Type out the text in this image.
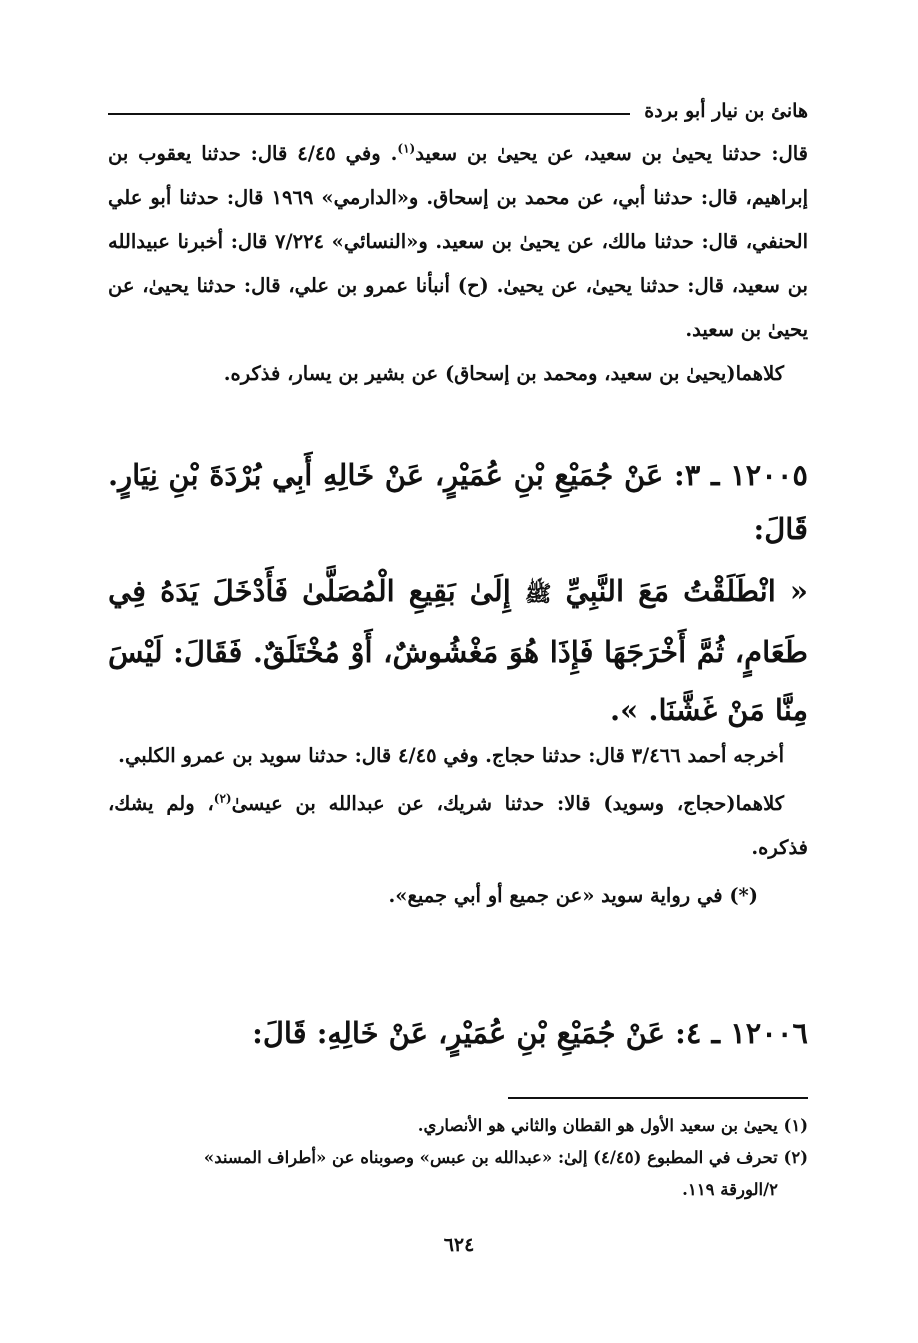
هانئ بن نيار أبو بردة

قال: حدثنا يحيىٰ بن سعيد، عن يحيىٰ بن سعيد$^{(١)}$. وفي ٤/٤٥ قال: حدثنا يعقوب بن إبراهيم، قال: حدثنا أبي، عن محمد بن إسحاق. و«الدارمي» ١٩٦٩ قال: حدثنا أبو علي الحنفي، قال: حدثنا مالك، عن يحيىٰ بن سعيد. و«النسائي» ٧/٢٢٤ قال: أخبرنا عبيدالله بن سعيد، قال: حدثنا يحيىٰ، عن يحيىٰ. (ح) أنبأنا عمرو بن علي، قال: حدثنا يحيىٰ، عن يحيىٰ بن سعيد.

كلاهما(يحيىٰ بن سعيد، ومحمد بن إسحاق) عن بشير بن يسار، فذكره.

١٢٠٠٥ ـ ٣: عَنْ جُمَيْعِ بْنِ عُمَيْرٍ، عَنْ خَالِهِ أَبِي بُرْدَةَ بْنِ نِيَارٍ. قَالَ:

« انْطَلَقْتُ مَعَ النَّبِيِّ ﷺ إِلَىٰ بَقِيعِ الْمُصَلَّىٰ فَأَدْخَلَ يَدَهُ فِي طَعَامٍ، ثُمَّ أَخْرَجَهَا فَإِذَا هُوَ مَغْشُوشٌ، أَوْ مُخْتَلَقٌ. فَقَالَ: لَيْسَ مِنَّا مَنْ غَشَّنَا. ».

أخرجه أحمد ٣/٤٦٦ قال: حدثنا حجاج. وفي ٤/٤٥ قال: حدثنا سويد بن عمرو الكلبي.

كلاهما(حجاج، وسويد) قالا: حدثنا شريك، عن عبدالله بن عيسىٰ$^{(٢)}$، ولم يشك، فذكره.

(*) في رواية سويد «عن جميع أو أبي جميع».

١٢٠٠٦ ـ ٤: عَنْ جُمَيْعِ بْنِ عُمَيْرٍ، عَنْ خَالِهِ: قَالَ:

(١) يحيىٰ بن سعيد الأول هو القطان والثاني هو الأنصاري.

(٢) تحرف في المطبوع (٤/٤٥) إلىٰ: «عبدالله بن عبس» وصوبناه عن «أطراف المسند»

٢/الورقة ١١٩.

٦٢٤
